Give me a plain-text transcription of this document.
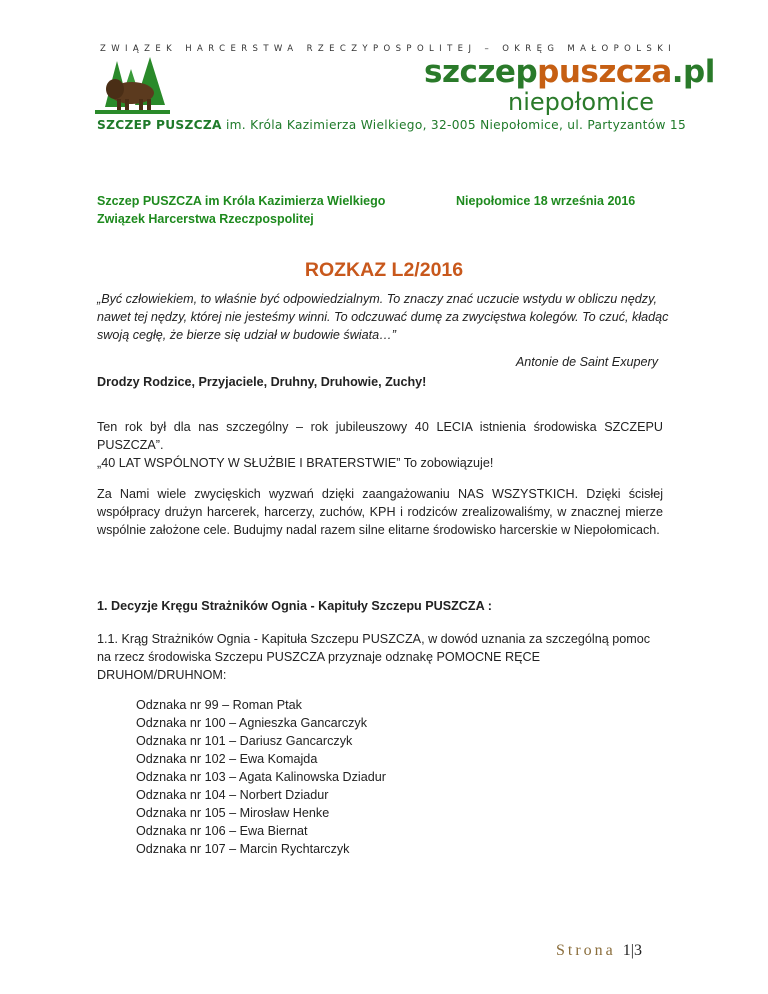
ZWIĄZEK HARCERSTWA RZECZYPOSPOLITEJ – OKRĘG MAŁOPOLSKI
szczeppuszcza.pl
niepołomice
SZCZEP PUSZCZA im. Króla Kazimierza Wielkiego, 32-005 Niepołomice, ul. Partyzantów 15
Szczep PUSZCZA im Króla Kazimierza Wielkiego
Związek Harcerstwa Rzeczpospolitej
Niepołomice 18 września 2016
ROZKAZ L2/2016
„Być człowiekiem, to właśnie być odpowiedzialnym. To znaczy znać uczucie wstydu w obliczu nędzy, nawet tej nędzy, której nie jesteśmy winni. To odczuwać dumę za zwycięstwa kolegów. To czuć, kładąc swoją cegłę, że bierze się udział w budowie świata…”
Antonie de Saint Exupery
Drodzy Rodzice, Przyjaciele, Druhny, Druhowie, Zuchy!
Ten rok był dla nas szczególny – rok jubileuszowy 40 LECIA istnienia środowiska SZCZEPU PUSZCZA”.
„40 LAT WSPÓLNOTY W SŁUŻBIE I BRATERSTWIE” To zobowiązuje!
Za Nami wiele zwycięskich wyzwań dzięki zaangażowaniu NAS WSZYSTKICH. Dzięki ścisłej współpracy drużyn harcerek, harcerzy, zuchów, KPH i rodziców zrealizowaliśmy, w znacznej mierze wspólnie założone cele. Budujmy nadal razem silne elitarne środowisko harcerskie w Niepołomicach.
1. Decyzje Kręgu Strażników Ognia - Kapituły Szczepu PUSZCZA :
1.1. Krąg Strażników Ognia - Kapituła Szczepu PUSZCZA, w dowód uznania za szczególną pomoc na rzecz środowiska Szczepu PUSZCZA przyznaje odznakę POMOCNE RĘCE DRUHOM/DRUHNOM:
Odznaka nr 99 – Roman Ptak
Odznaka nr 100 – Agnieszka Gancarczyk
Odznaka nr 101 – Dariusz Gancarczyk
Odznaka nr 102 – Ewa Komajda
Odznaka nr 103 – Agata Kalinowska Dziadur
Odznaka nr 104 – Norbert Dziadur
Odznaka nr 105 – Mirosław Henke
Odznaka nr 106 – Ewa Biernat
Odznaka nr 107 – Marcin Rychtarczyk
Strona 1|3
